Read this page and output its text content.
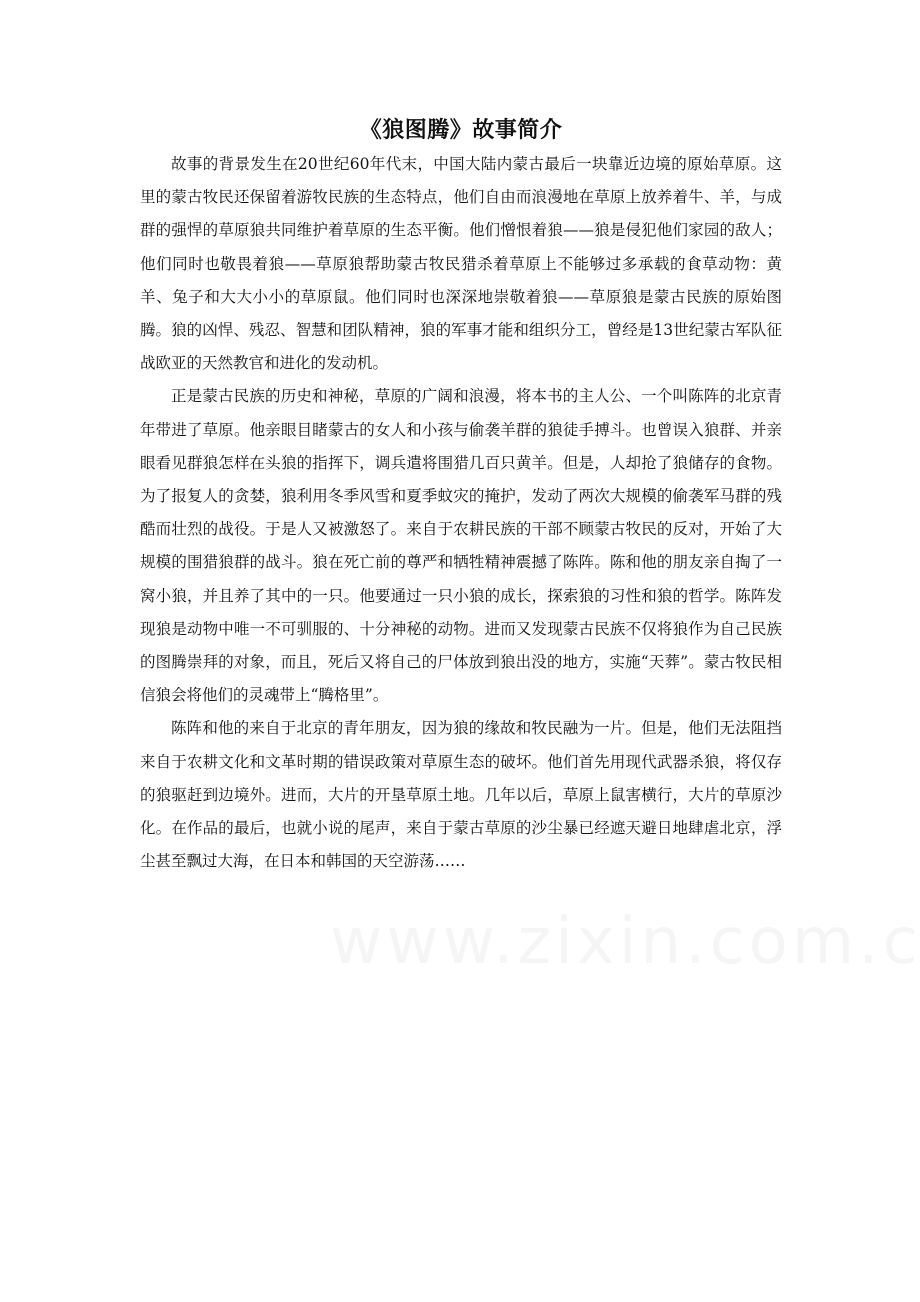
《狼图腾》故事简介

故事的背景发生在20世纪60年代末，中国大陆内蒙古最后一块靠近边境的原始草原。这里的蒙古牧民还保留着游牧民族的生态特点，他们自由而浪漫地在草原上放养着牛、羊，与成群的强悍的草原狼共同维护着草原的生态平衡。他们憎恨着狼——狼是侵犯他们家园的敌人；他们同时也敬畏着狼——草原狼帮助蒙古牧民猎杀着草原上不能够过多承载的食草动物：黄羊、兔子和大大小小的草原鼠。他们同时也深深地崇敬着狼——草原狼是蒙古民族的原始图腾。狼的凶悍、残忍、智慧和团队精神，狼的军事才能和组织分工，曾经是13世纪蒙古军队征战欧亚的天然教官和进化的发动机。

正是蒙古民族的历史和神秘，草原的广阔和浪漫，将本书的主人公、一个叫陈阵的北京青年带进了草原。他亲眼目睹蒙古的女人和小孩与偷袭羊群的狼徒手搏斗。也曾误入狼群、并亲眼看见群狼怎样在头狼的指挥下，调兵遣将围猎几百只黄羊。但是，人却抢了狼储存的食物。为了报复人的贪婪，狼利用冬季风雪和夏季蚊灾的掩护，发动了两次大规模的偷袭军马群的残酷而壮烈的战役。于是人又被激怒了。来自于农耕民族的干部不顾蒙古牧民的反对，开始了大规模的围猎狼群的战斗。狼在死亡前的尊严和牺牲精神震撼了陈阵。陈和他的朋友亲自掏了一窝小狼，并且养了其中的一只。他要通过一只小狼的成长，探索狼的习性和狼的哲学。陈阵发现狼是动物中唯一不可驯服的、十分神秘的动物。进而又发现蒙古民族不仅将狼作为自己民族的图腾崇拜的对象，而且，死后又将自己的尸体放到狼出没的地方，实施“天葬”。蒙古牧民相信狼会将他们的灵魂带上“腾格里”。

陈阵和他的来自于北京的青年朋友，因为狼的缘故和牧民融为一片。但是，他们无法阻挡来自于农耕文化和文革时期的错误政策对草原生态的破坏。他们首先用现代武器杀狼，将仅存的狼驱赶到边境外。进而，大片的开垦草原土地。几年以后，草原上鼠害横行，大片的草原沙化。在作品的最后，也就小说的尾声，来自于蒙古草原的沙尘暴已经遮天避日地肆虐北京，浮尘甚至飘过大海，在日本和韩国的天空游荡……
